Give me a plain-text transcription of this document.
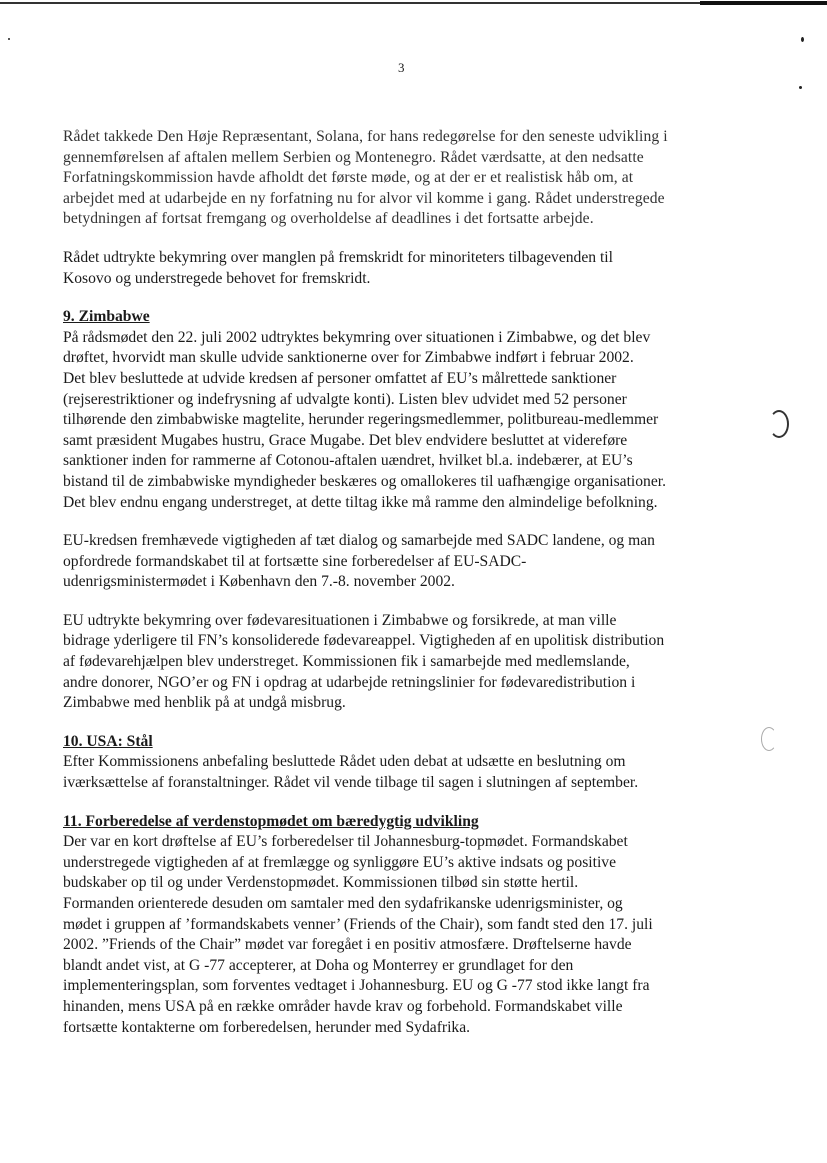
3

Rådet takkede Den Høje Repræsentant, Solana, for hans redegørelse for den seneste udvikling i
gennemførelsen af aftalen mellem Serbien og Montenegro. Rådet værdsatte, at den nedsatte
Forfatningskommission havde afholdt det første møde, og at der er et realistisk håb om, at
arbejdet med at udarbejde en ny forfatning nu for alvor vil komme i gang. Rådet understregede
betydningen af fortsat fremgang og overholdelse af deadlines i det fortsatte arbejde.

Rådet udtrykte bekymring over manglen på fremskridt for minoriteters tilbagevenden til
Kosovo og understregede behovet for fremskridt.

9. Zimbabwe

På rådsmødet den 22. juli 2002 udtryktes bekymring over situationen i Zimbabwe, og det blev
drøftet, hvorvidt man skulle udvide sanktionerne over for Zimbabwe indført i februar 2002.
Det blev besluttede at udvide kredsen af personer omfattet af EU’s målrettede sanktioner
(rejserestriktioner og indefrysning af udvalgte konti). Listen blev udvidet med 52 personer
tilhørende den zimbabwiske magtelite, herunder regeringsmedlemmer, politbureau-medlemmer
samt præsident Mugabes hustru, Grace Mugabe. Det blev endvidere besluttet at videreføre
sanktioner inden for rammerne af Cotonou-aftalen uændret, hvilket bl.a. indebærer, at EU’s
bistand til de zimbabwiske myndigheder beskæres og omallokeres til uafhængige organisationer.
Det blev endnu engang understreget, at dette tiltag ikke må ramme den almindelige befolkning.

EU-kredsen fremhævede vigtigheden af tæt dialog og samarbejde med SADC landene, og man
opfordrede formandskabet til at fortsætte sine forberedelser af EU-SADC-
udenrigsministermødet i København den 7.-8. november 2002.

EU udtrykte bekymring over fødevaresituationen i Zimbabwe og forsikrede, at man ville
bidrage yderligere til FN’s konsoliderede fødevareappel. Vigtigheden af en upolitisk distribution
af fødevarehjælpen blev understreget. Kommissionen fik i samarbejde med medlemslande,
andre donorer, NGO’er og FN i opdrag at udarbejde retningslinier for fødevaredistribution i
Zimbabwe med henblik på at undgå misbrug.

10. USA: Stål

Efter Kommissionens anbefaling besluttede Rådet uden debat at udsætte en beslutning om
iværksættelse af foranstaltninger. Rådet vil vende tilbage til sagen i slutningen af september.

11. Forberedelse af verdenstopmødet om bæredygtig udvikling

Der var en kort drøftelse af EU’s forberedelser til Johannesburg-topmødet. Formandskabet
understregede vigtigheden af at fremlægge og synliggøre EU’s aktive indsats og positive
budskaber op til og under Verdenstopmødet. Kommissionen tilbød sin støtte hertil.
Formanden orienterede desuden om samtaler med den sydafrikanske udenrigsminister, og
mødet i gruppen af ’formandskabets venner’ (Friends of the Chair), som fandt sted den 17. juli
2002. ”Friends of the Chair” mødet var foregået i en positiv atmosfære. Drøftelserne havde
blandt andet vist, at G -77 accepterer, at Doha og Monterrey er grundlaget for den
implementeringsplan, som forventes vedtaget i Johannesburg. EU og G -77 stod ikke langt fra
hinanden, mens USA på en række områder havde krav og forbehold. Formandskabet ville
fortsætte kontakterne om forberedelsen, herunder med Sydafrika.
